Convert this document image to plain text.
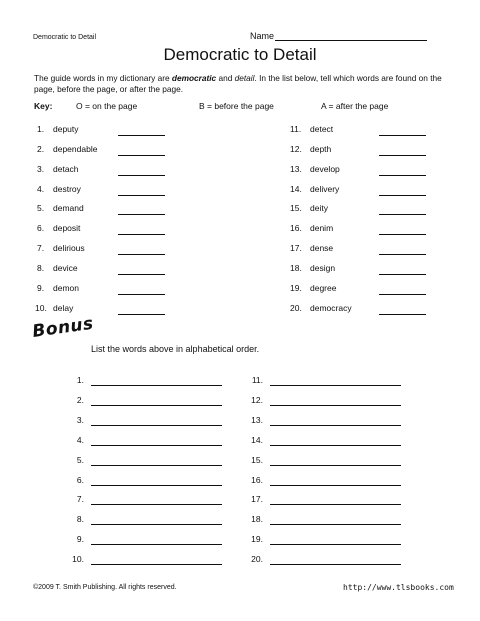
Democratic to Detail	Name
Democratic to Detail
The guide words in my dictionary are democratic and detail. In the list below, tell which words are found on the page, before the page, or after the page.
Key:	O = on the page	B = before the page	A = after the page
1. deputy
2. dependable
3. detach
4. destroy
5. demand
6. deposit
7. delirious
8. device
9. demon
10. delay
11. detect
12. depth
13. develop
14. delivery
15. deity
16. denim
17. dense
18. design
19. degree
20. democracy
Bonus
List the words above in alphabetical order.
1.	11.
2.	12.
3.	13.
4.	14.
5.	15.
6.	16.
7.	17.
8.	18.
9.	19.
10.	20.
©2009 T. Smith Publishing. All rights reserved.	http://www.tlsbooks.com
